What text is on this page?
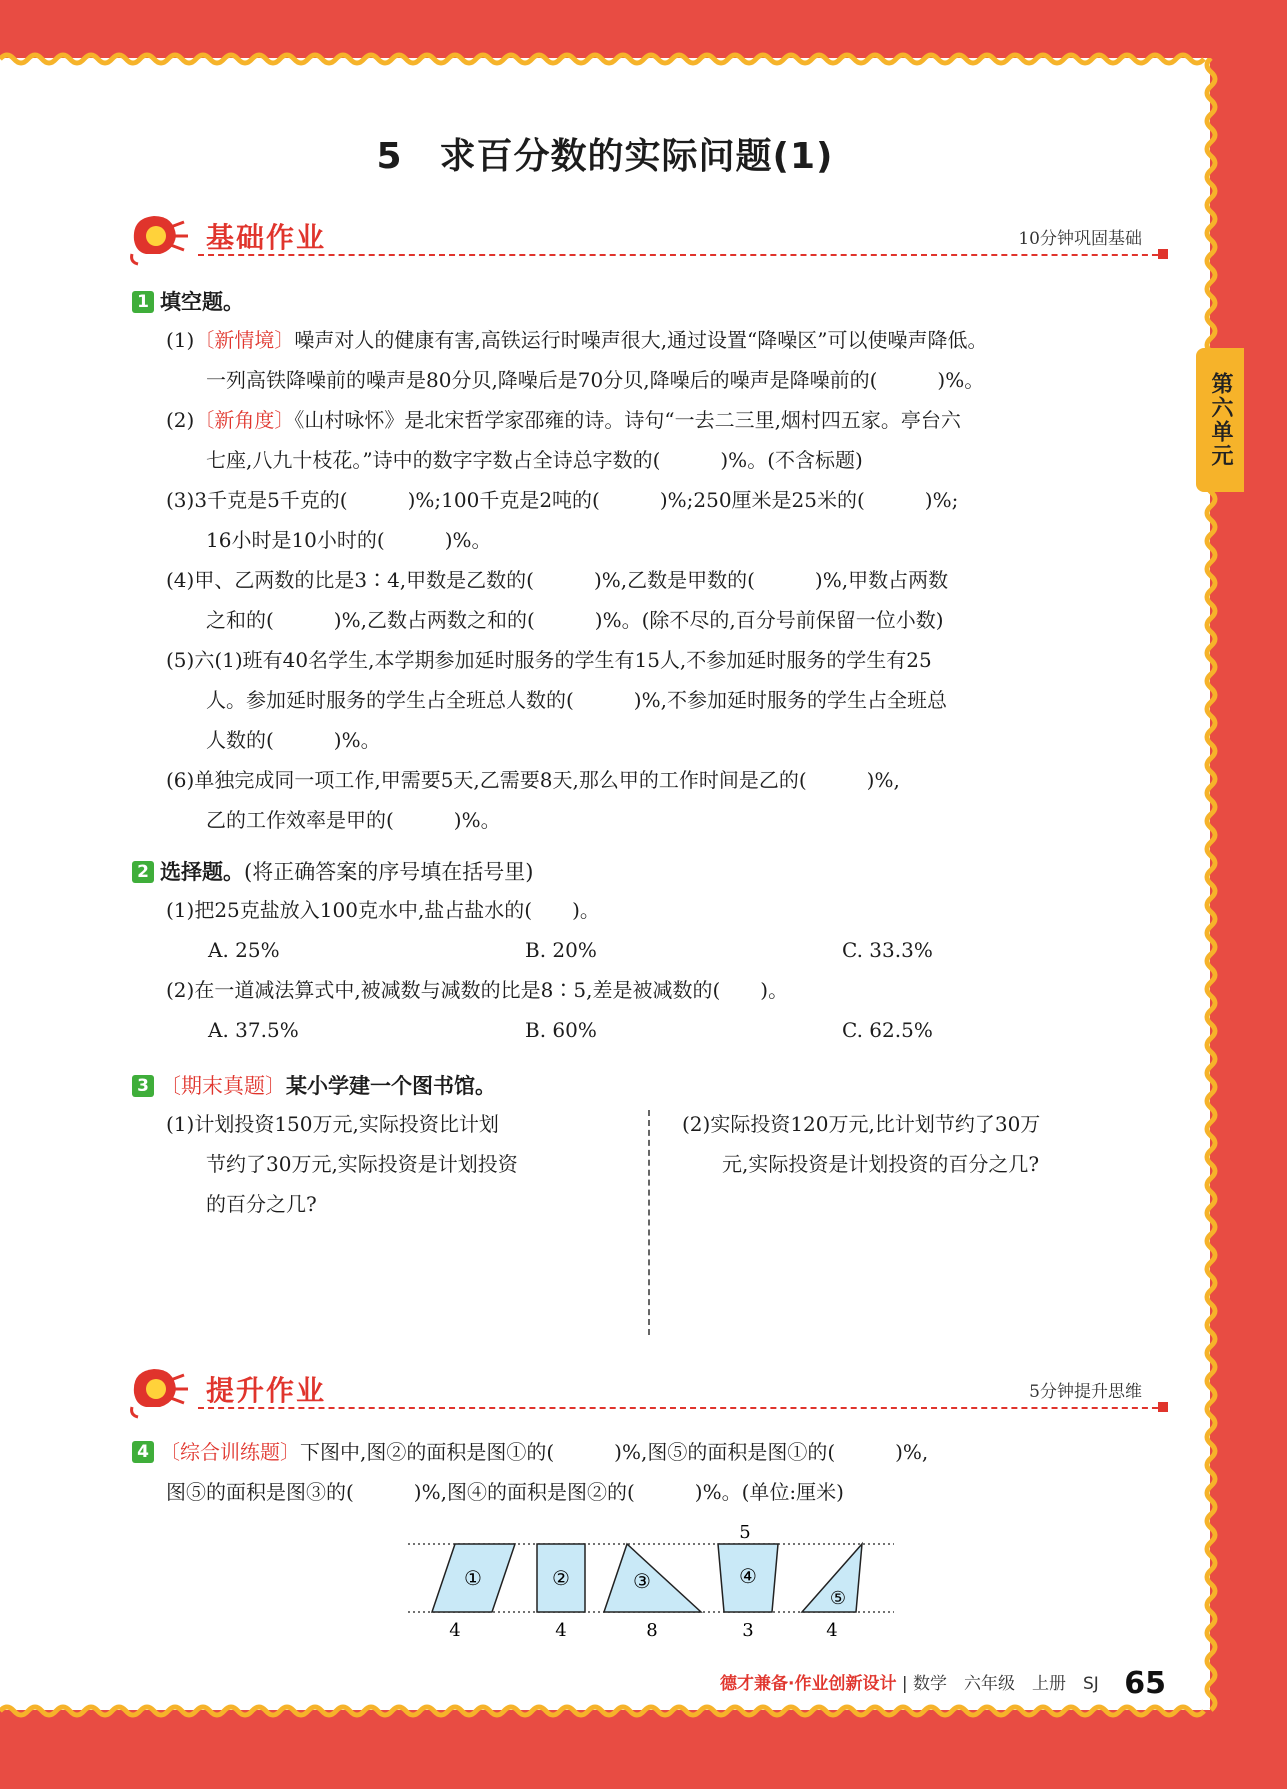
5　求百分数的实际问题(1)
第六单元
基础作业	10分钟巩固基础
1 填空题。
(1)〔新情境〕噪声对人的健康有害,高铁运行时噪声很大,通过设置“降噪区”可以使噪声降低。
一列高铁降噪前的噪声是80分贝,降噪后是70分贝,降噪后的噪声是降噪前的(　　　)%。
(2)〔新角度〕《山村咏怀》是北宋哲学家邵雍的诗。诗句“一去二三里,烟村四五家。亭台六
七座,八九十枝花。”诗中的数字字数占全诗总字数的(　　　)%。(不含标题)
(3)3千克是5千克的(　　　)%;100千克是2吨的(　　　)%;250厘米是25米的(　　　)%;
16小时是10小时的(　　　)%。
(4)甲、乙两数的比是3∶4,甲数是乙数的(　　　)%,乙数是甲数的(　　　)%,甲数占两数
之和的(　　　)%,乙数占两数之和的(　　　)%。(除不尽的,百分号前保留一位小数)
(5)六(1)班有40名学生,本学期参加延时服务的学生有15人,不参加延时服务的学生有25
人。参加延时服务的学生占全班总人数的(　　　)%,不参加延时服务的学生占全班总
人数的(　　　)%。
(6)单独完成同一项工作,甲需要5天,乙需要8天,那么甲的工作时间是乙的(　　　)%,
乙的工作效率是甲的(　　　)%。
2 选择题。(将正确答案的序号填在括号里)
(1)把25克盐放入100克水中,盐占盐水的(　　)。
A. 25%	B. 20%	C. 33.3%
(2)在一道减法算式中,被减数与减数的比是8∶5,差是被减数的(　　)。
A. 37.5%	B. 60%	C. 62.5%
3 〔期末真题〕某小学建一个图书馆。
(1)计划投资150万元,实际投资比计划
节约了30万元,实际投资是计划投资
的百分之几?
(2)实际投资120万元,比计划节约了30万
元,实际投资是计划投资的百分之几?
提升作业	5分钟提升思维
4 〔综合训练题〕下图中,图②的面积是图①的(　　　)%,图⑤的面积是图①的(　　　)%,
图⑤的面积是图③的(　　　)%,图④的面积是图②的(　　　)%。(单位:厘米)
5
①	②	③	④
⑤
4	4	8	3	4
德才兼备·作业创新设计 | 数学　六年级　上册　SJ 65
